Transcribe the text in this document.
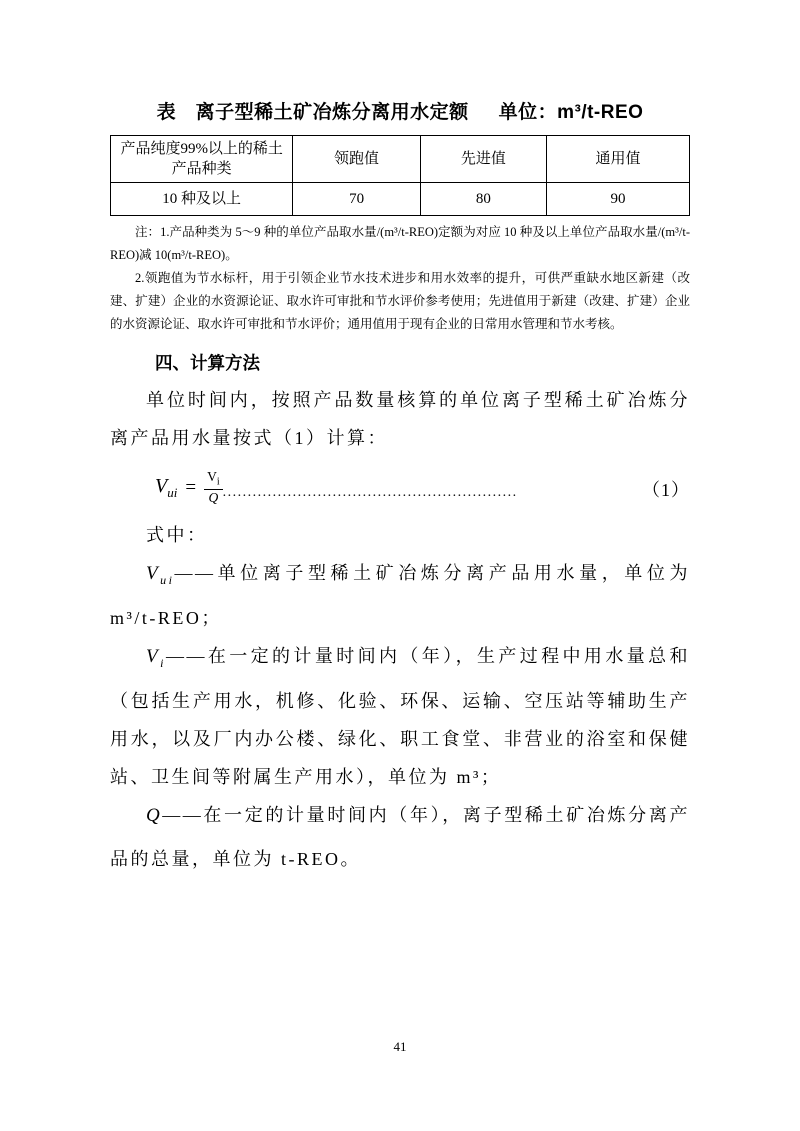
表　离子型稀土矿冶炼分离用水定额 单位：m³/t-REO
产品纯度99%以上的稀土产品种类	领跑值	先进值	通用值
10 种及以上	70	80	90

注：1.产品种类为 5～9 种的单位产品取水量/(m³/t-REO)定额为对应 10 种及以上单位产品取水量/(m³/t-REO)减 10(m³/t-REO)。

2.领跑值为节水标杆，用于引领企业节水技术进步和用水效率的提升，可供严重缺水地区新建（改建、扩建）企业的水资源论证、取水许可审批和节水评价参考使用；先进值用于新建（改建、扩建）企业的水资源论证、取水许可审批和节水评价；通用值用于现有企业的日常用水管理和节水考核。

四、计算方法

单位时间内，按照产品数量核算的单位离子型稀土矿冶炼分离产品用水量按式（1）计算：

$V_{ui} = \frac{V_i}{Q}$ ...........................................................	（1）

式中：

$V_{ui}——$单位离子型稀土矿冶炼分离产品用水量，单位为 m³/t-REO；

$V_i——$在一定的计量时间内（年），生产过程中用水量总和（包括生产用水，机修、化验、环保、运输、空压站等辅助生产用水，以及厂内办公楼、绿化、职工食堂、非营业的浴室和保健站、卫生间等附属生产用水），单位为 m³；

Q——在一定的计量时间内（年），离子型稀土矿冶炼分离产品的总量，单位为 t-REO。

41
